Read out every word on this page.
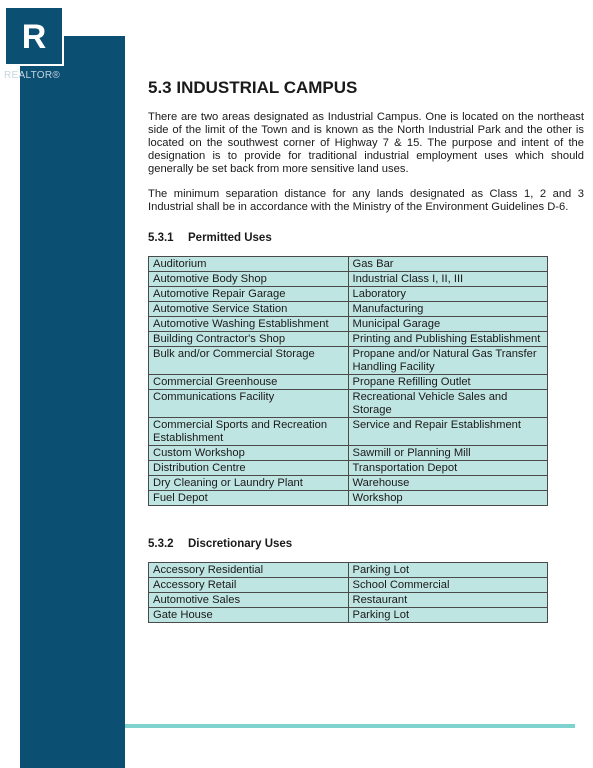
R
REALTOR®
5.3 INDUSTRIAL CAMPUS

There are two areas designated as Industrial Campus. One is located on the northeast side of the limit of the Town and is known as the North Industrial Park and the other is located on the southwest corner of Highway 7 & 15. The purpose and intent of the designation is to provide for traditional industrial employment uses which should generally be set back from more sensitive land uses.

The minimum separation distance for any lands designated as Class 1, 2 and 3 Industrial shall be in accordance with the Ministry of the Environment Guidelines D-6.

5.3.1 Permitted Uses
Auditorium	Gas Bar
Automotive Body Shop	Industrial Class I, II, III
Automotive Repair Garage	Laboratory
Automotive Service Station	Manufacturing
Automotive Washing Establishment	Municipal Garage
Building Contractor's Shop	Printing and Publishing Establishment
Bulk and/or Commercial Storage	Propane and/or Natural Gas Transfer Handling Facility
Commercial Greenhouse	Propane Refilling Outlet
Communications Facility	Recreational Vehicle Sales and Storage
Commercial Sports and Recreation Establishment	Service and Repair Establishment
Custom Workshop	Sawmill or Planning Mill
Distribution Centre	Transportation Depot
Dry Cleaning or Laundry Plant	Warehouse
Fuel Depot	Workshop
5.3.2 Discretionary Uses
Accessory Residential	Parking Lot
Accessory Retail	School Commercial
Automotive Sales	Restaurant
Gate House	Parking Lot
